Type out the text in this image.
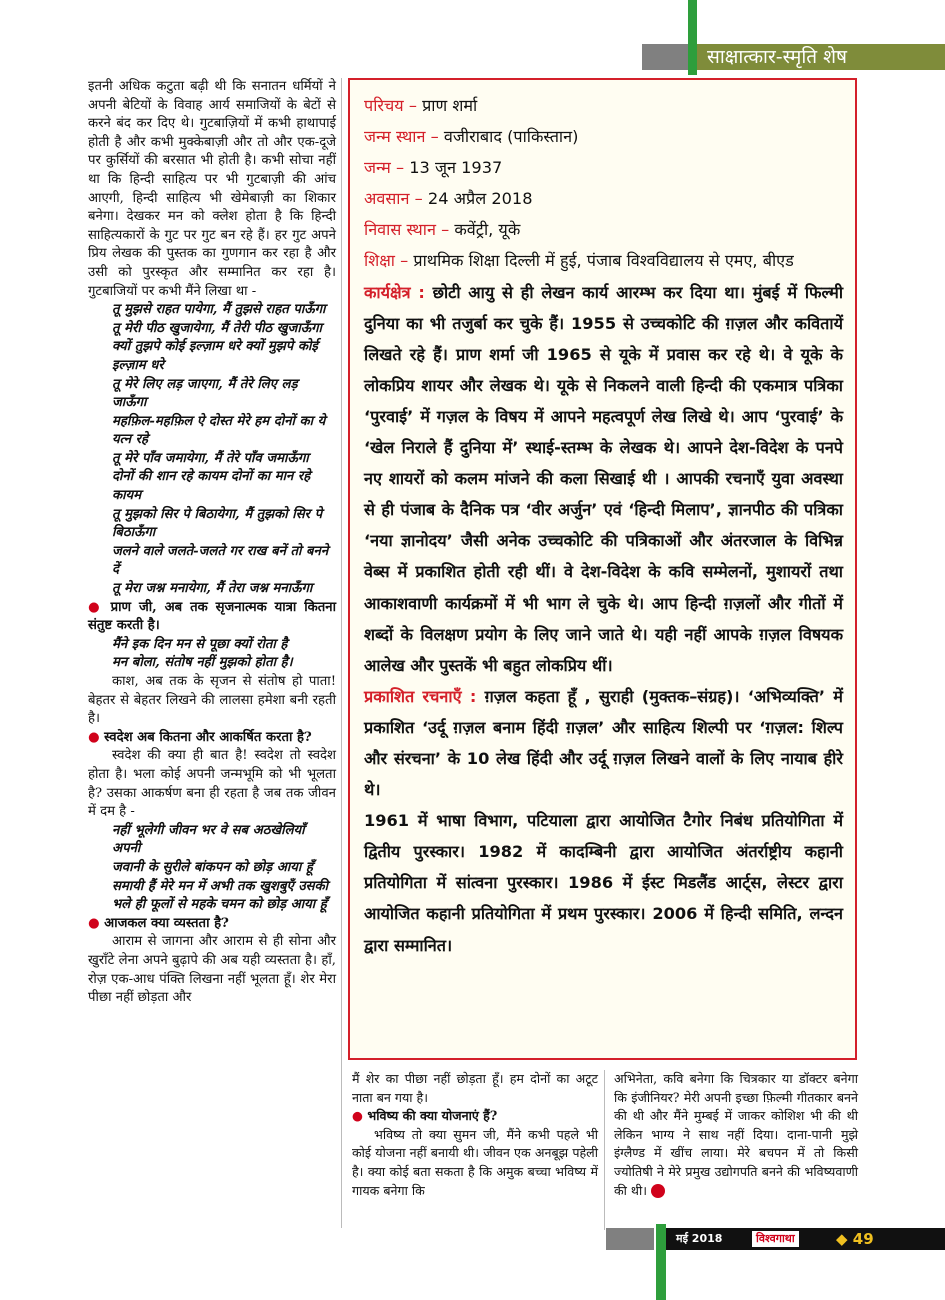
साक्षात्कार-स्मृति शेष

इतनी अधिक कटुता बढ़ी थी कि सनातन धर्मियों ने अपनी बेटियों के विवाह आर्य समाजियों के बेटों से करने बंद कर दिए थे। गुटबाज़ियों में कभी हाथापाई होती है और कभी मुक्केबाज़ी और तो और एक-दूजे पर कुर्सियों की बरसात भी होती है। कभी सोचा नहीं था कि हिन्दी साहित्य पर भी गुटबाज़ी की आंच आएगी, हिन्दी साहित्य भी खेमेबाज़ी का शिकार बनेगा। देखकर मन को क्लेश होता है कि हिन्दी साहित्यकारों के गुट पर गुट बन रहे हैं। हर गुट अपने प्रिय लेखक की पुस्तक का गुणगान कर रहा है और उसी को पुरस्कृत और सम्मानित कर रहा है। गुटबाजियों पर कभी मैंने लिखा था -

तू मुझसे राहत पायेगा, मैं तुझसे राहत पाऊँगा
तू मेरी पीठ खुजायेगा, मैं तेरी पीठ खुजाऊँगा
क्यों तुझपे कोई इल्ज़ाम धरे क्यों मुझपे कोई इल्ज़ाम धरे
तू मेरे लिए लड़ जाएगा, मैं तेरे लिए लड़ जाऊँगा
महफ़िल-महफ़िल ऐ दोस्त मेरे हम दोनों का ये यत्न रहे
तू मेरे पाँव जमायेगा, मैं तेरे पाँव जमाऊँगा
दोनों की शान रहे कायम दोनों का मान रहे कायम
तू मुझको सिर पे बिठायेगा, मैं तुझको सिर पे बिठाऊँगा
जलने वाले जलते-जलते गर राख बनें तो बनने दें
तू मेरा जश्न मनायेगा, मैं तेरा जश्न मनाऊँगा

● प्राण जी, अब तक सृजनात्मक यात्रा कितना संतुष्ट करती है।

मैंने इक दिन मन से पूछा क्यों रोता है
मन बोला, संतोष नहीं मुझको होता है।

काश, अब तक के सृजन से संतोष हो पाता! बेहतर से बेहतर लिखने की लालसा हमेशा बनी रहती है।

● स्वदेश अब कितना और आकर्षित करता है?

स्वदेश की क्या ही बात है! स्वदेश तो स्वदेश होता है। भला कोई अपनी जन्मभूमि को भी भूलता है? उसका आकर्षण बना ही रहता है जब तक जीवन में दम है -

नहीं भूलेगी जीवन भर वे सब अठखेलियाँ अपनी
जवानी के सुरीले बांकपन को छोड़ आया हूँ
समायी हैं मेरे मन में अभी तक खुशबुएँ उसकी
भले ही फूलों से महके चमन को छोड़ आया हूँ

● आजकल क्या व्यस्तता है?

आराम से जागना और आराम से ही सोना और खुराँटे लेना अपने बुढ़ापे की अब यही व्यस्तता है। हाँ, रोज़ एक-आध पंक्ति लिखना नहीं भूलता हूँ। शेर मेरा पीछा नहीं छोड़ता और

परिचय – प्राण शर्मा

जन्म स्थान – वजीराबाद (पाकिस्तान)

जन्म – 13 जून 1937

अवसान – 24 अप्रैल 2018

निवास स्थान – कवेंट्री, यूके

शिक्षा – प्राथमिक शिक्षा दिल्ली में हुई, पंजाब विश्वविद्यालय से एमए, बीएड

कार्यक्षेत्र : छोटी आयु से ही लेखन कार्य आरम्भ कर दिया था। मुंबई में फिल्मी दुनिया का भी तजुर्बा कर चुके हैं। 1955 से उच्चकोटि की ग़ज़ल और कवितायें लिखते रहे हैं। प्राण शर्मा जी 1965 से यूके में प्रवास कर रहे थे। वे यूके के लोकप्रिय शायर और लेखक थे। यूके से निकलने वाली हिन्दी की एकमात्र पत्रिका ‘पुरवाई’ में गज़ल के विषय में आपने महत्वपूर्ण लेख लिखे थे। आप ‘पुरवाई’ के ‘खेल निराले हैं दुनिया में’ स्थाई-स्तम्भ के लेखक थे। आपने देश-विदेश के पनपे नए शायरों को कलम मांजने की कला सिखाई थी । आपकी रचनाएँ युवा अवस्था से ही पंजाब के दैनिक पत्र ‘वीर अर्जुन’ एवं ‘हिन्दी मिलाप’, ज्ञानपीठ की पत्रिका ‘नया ज्ञानोदय’ जैसी अनेक उच्चकोटि की पत्रिकाओं और अंतरजाल के विभिन्न वेब्स में प्रकाशित होती रही थीं। वे देश-विदेश के कवि सम्मेलनों, मुशायरों तथा आकाशवाणी कार्यक्रमों में भी भाग ले चुके थे। आप हिन्दी ग़ज़लों और गीतों में शब्दों के विलक्षण प्रयोग के लिए जाने जाते थे। यही नहीं आपके ग़ज़ल विषयक आलेख और पुस्तकें भी बहुत लोकप्रिय थीं।

प्रकाशित रचनाएँ : ग़ज़ल कहता हूँ , सुराही (मुक्तक–संग्रह)। ‘अभिव्यक्ति’ में प्रकाशित ‘उर्दू ग़ज़ल बनाम हिंदी ग़ज़ल’ और साहित्य शिल्पी पर ‘ग़ज़ल: शिल्प और संरचना’ के 10 लेख हिंदी और उर्दू ग़ज़ल लिखने वालों के लिए नायाब हीरे थे।

1961 में भाषा विभाग, पटियाला द्वारा आयोजित टैगोर निबंध प्रतियोगिता में द्वितीय पुरस्कार। 1982 में कादम्बिनी द्वारा आयोजित अंतर्राष्ट्रीय कहानी प्रतियोगिता में सांत्वना पुरस्कार। 1986 में ईस्ट मिडलैंड आर्ट्स, लेस्टर द्वारा आयोजित कहानी प्रतियोगिता में प्रथम पुरस्कार। 2006 में हिन्दी समिति, लन्दन द्वारा सम्मानित।

मैं शेर का पीछा नहीं छोड़ता हूँ। हम दोनों का अटूट नाता बन गया है।

● भविष्य की क्या योजनाएं हैं?

भविष्य तो क्या सुमन जी, मैंने कभी पहले भी कोई योजना नहीं बनायी थी। जीवन एक अनबूझ पहेली है। क्या कोई बता सकता है कि अमुक बच्चा भविष्य में गायक बनेगा कि

अभिनेता, कवि बनेगा कि चित्रकार या डॉक्टर बनेगा कि इंजीनियर? मेरी अपनी इच्छा फ़िल्मी गीतकार बनने की थी और मैंने मुम्बई में जाकर कोशिश भी की थी लेकिन भाग्य ने साथ नहीं दिया। दाना-पानी मुझे इंग्लैण्ड में खींच लाया। मेरे बचपन में तो किसी ज्योतिषी ने मेरे प्रमुख उद्योगपति बनने की भविष्यवाणी की थी।

मई 2018	विश्वगाथा	◆ 49
